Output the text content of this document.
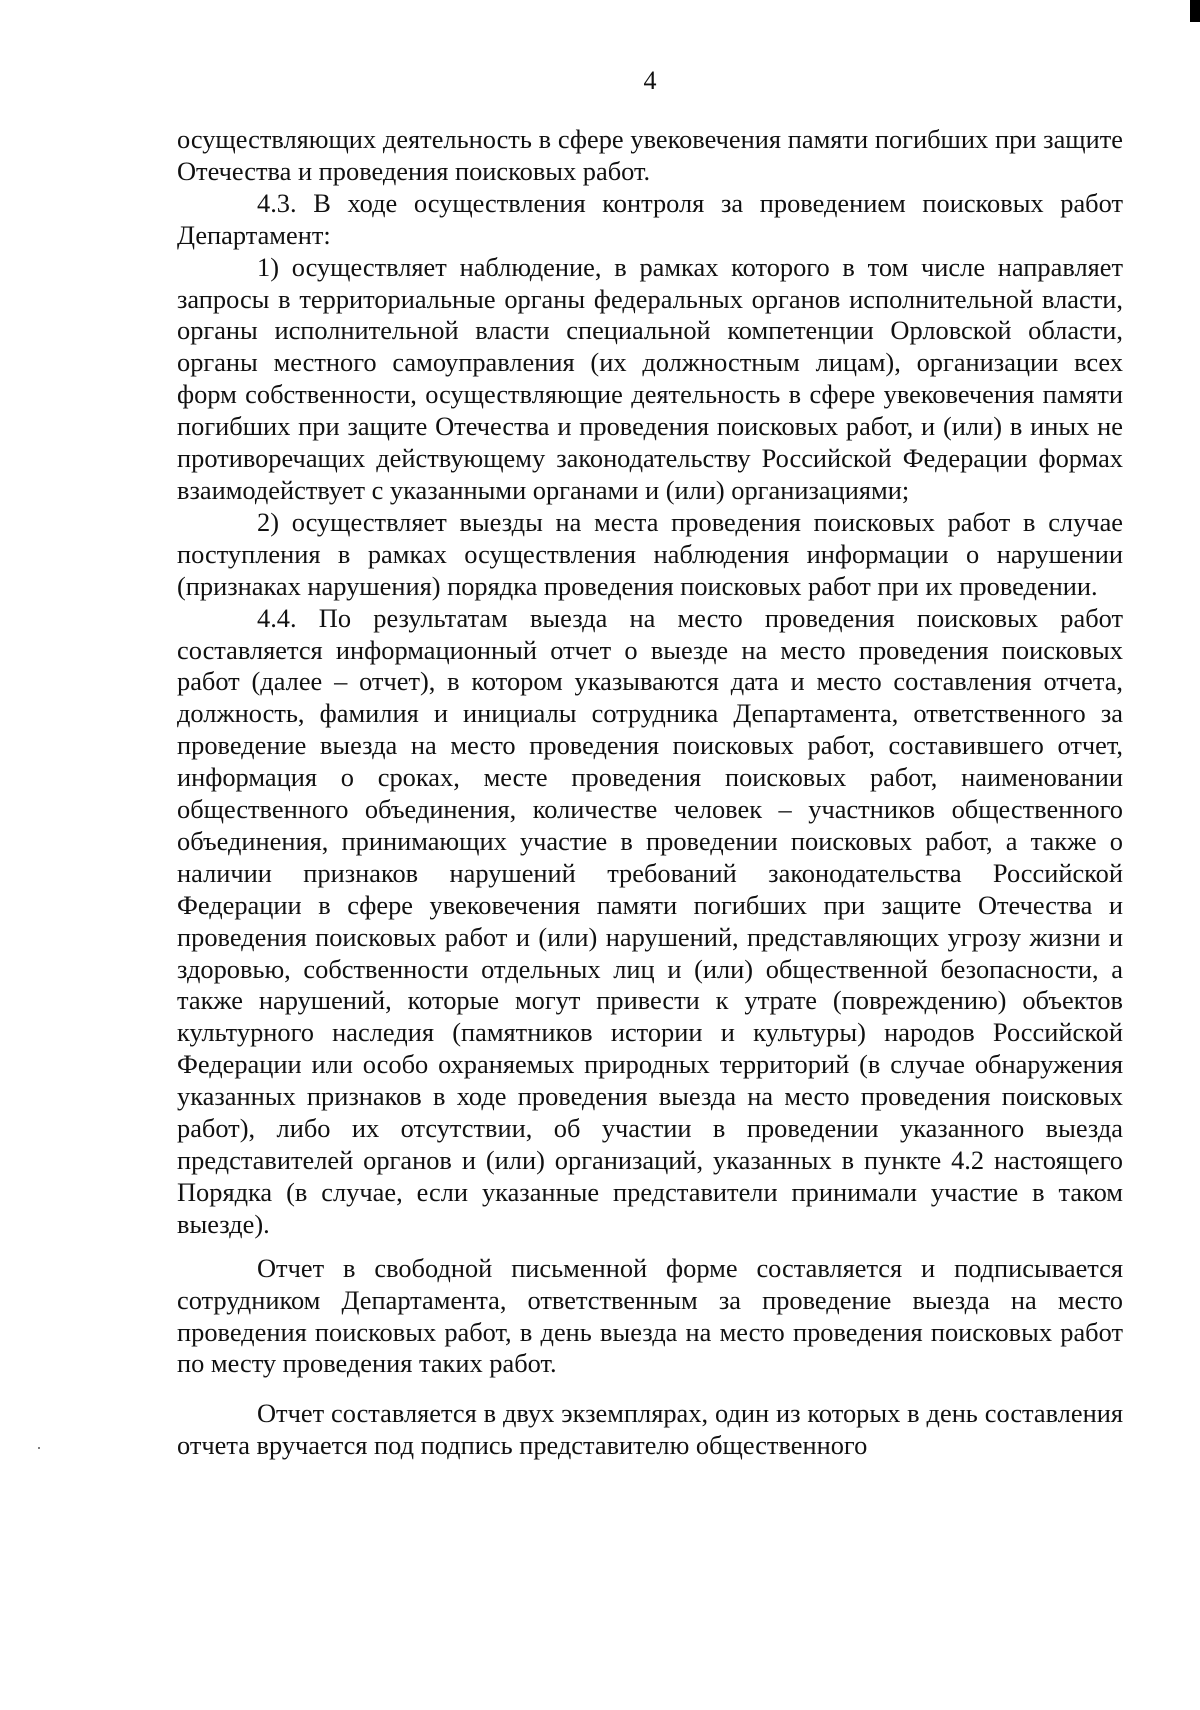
4

осуществляющих деятельность в сфере увековечения памяти погибших при защите Отечества и проведения поисковых работ.

4.3. В ходе осуществления контроля за проведением поисковых работ Департамент:

1) осуществляет наблюдение, в рамках которого в том числе направляет запросы в территориальные органы федеральных органов исполнительной власти, органы исполнительной власти специальной компетенции Орловской области, органы местного самоуправления (их должностным лицам), организации всех форм собственности, осуществляющие деятельность в сфере увековечения памяти погибших при защите Отечества и проведения поисковых работ, и (или) в иных не противоречащих действующему законодательству Российской Федерации формах взаимодействует с указанными органами и (или) организациями;

2) осуществляет выезды на места проведения поисковых работ в случае поступления в рамках осуществления наблюдения информации о нарушении (признаках нарушения) порядка проведения поисковых работ при их проведении.

4.4. По результатам выезда на место проведения поисковых работ составляется информационный отчет о выезде на место проведения поисковых работ (далее – отчет), в котором указываются дата и место составления отчета, должность, фамилия и инициалы сотрудника Департамента, ответственного за проведение выезда на место проведения поисковых работ, составившего отчет, информация о сроках, месте проведения поисковых работ, наименовании общественного объединения, количестве человек – участников общественного объединения, принимающих участие в проведении поисковых работ, а также о наличии признаков нарушений требований законодательства Российской Федерации в сфере увековечения памяти погибших при защите Отечества и проведения поисковых работ и (или) нарушений, представляющих угрозу жизни и здоровью, собственности отдельных лиц и (или) общественной безопасности, а также нарушений, которые могут привести к утрате (повреждению) объектов культурного наследия (памятников истории и культуры) народов Российской Федерации или особо охраняемых природных территорий (в случае обнаружения указанных признаков в ходе проведения выезда на место проведения поисковых работ), либо их отсутствии, об участии в проведении указанного выезда представителей органов и (или) организаций, указанных в пункте 4.2 настоящего Порядка (в случае, если указанные представители принимали участие в таком выезде).

Отчет в свободной письменной форме составляется и подписывается сотрудником Департамента, ответственным за проведение выезда на место проведения поисковых работ, в день выезда на место проведения поисковых работ по месту проведения таких работ.

Отчет составляется в двух экземплярах, один из которых в день составления отчета вручается под подпись представителю общественного
